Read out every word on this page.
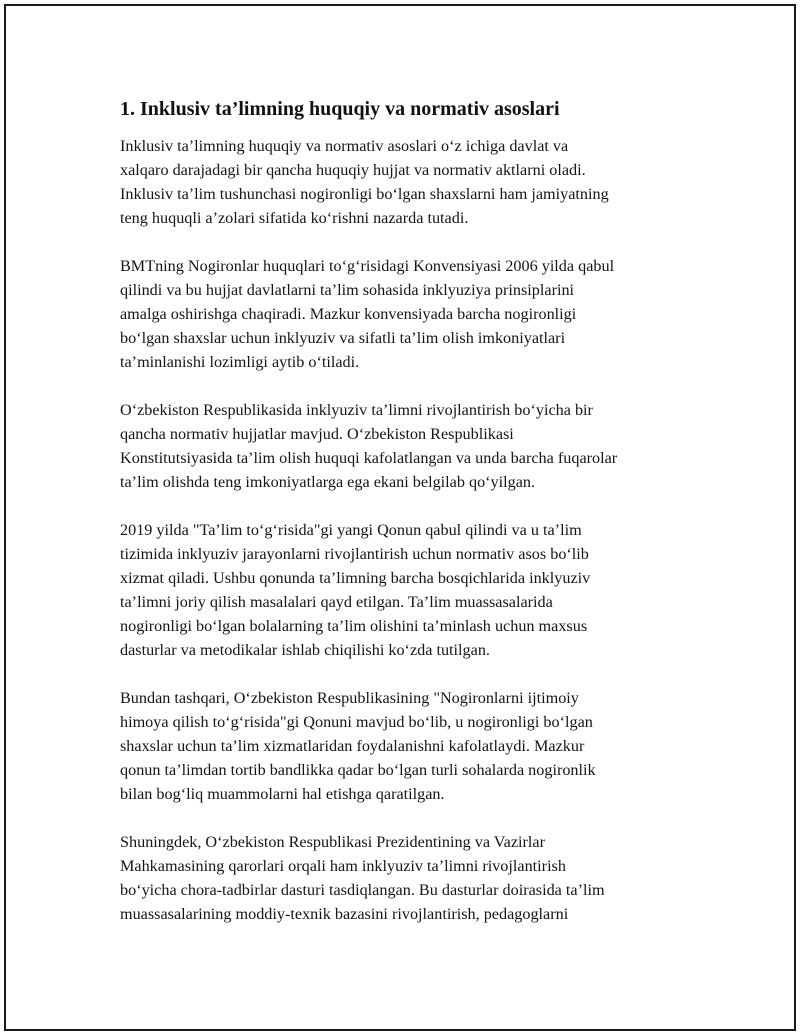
1. Inklusiv ta’limning huquqiy va normativ asoslari

Inklusiv ta’limning huquqiy va normativ asoslari o‘z ichiga davlat va
xalqaro darajadagi bir qancha huquqiy hujjat va normativ aktlarni oladi.
Inklusiv ta’lim tushunchasi nogironligi bo‘lgan shaxslarni ham jamiyatning
teng huquqli a’zolari sifatida ko‘rishni nazarda tutadi.

BMTning Nogironlar huquqlari to‘g‘risidagi Konvensiyasi 2006 yilda qabul
qilindi va bu hujjat davlatlarni ta’lim sohasida inklyuziya prinsiplarini
amalga oshirishga chaqiradi. Mazkur konvensiyada barcha nogironligi
bo‘lgan shaxslar uchun inklyuziv va sifatli ta’lim olish imkoniyatlari
ta’minlanishi lozimligi aytib o‘tiladi.

O‘zbekiston Respublikasida inklyuziv ta’limni rivojlantirish bo‘yicha bir
qancha normativ hujjatlar mavjud. O‘zbekiston Respublikasi
Konstitutsiyasida ta’lim olish huquqi kafolatlangan va unda barcha fuqarolar
ta’lim olishda teng imkoniyatlarga ega ekani belgilab qo‘yilgan.

2019 yilda "Ta’lim to‘g‘risida"gi yangi Qonun qabul qilindi va u ta’lim
tizimida inklyuziv jarayonlarni rivojlantirish uchun normativ asos bo‘lib
xizmat qiladi. Ushbu qonunda ta’limning barcha bosqichlarida inklyuziv
ta’limni joriy qilish masalalari qayd etilgan. Ta’lim muassasalarida
nogironligi bo‘lgan bolalarning ta’lim olishini ta’minlash uchun maxsus
dasturlar va metodikalar ishlab chiqilishi ko‘zda tutilgan.

Bundan tashqari, O‘zbekiston Respublikasining "Nogironlarni ijtimoiy
himoya qilish to‘g‘risida"gi Qonuni mavjud bo‘lib, u nogironligi bo‘lgan
shaxslar uchun ta’lim xizmatlaridan foydalanishni kafolatlaydi. Mazkur
qonun ta’limdan tortib bandlikka qadar bo‘lgan turli sohalarda nogironlik
bilan bog‘liq muammolarni hal etishga qaratilgan.

Shuningdek, O‘zbekiston Respublikasi Prezidentining va Vazirlar
Mahkamasining qarorlari orqali ham inklyuziv ta’limni rivojlantirish
bo‘yicha chora-tadbirlar dasturi tasdiqlangan. Bu dasturlar doirasida ta’lim
muassasalarining moddiy-texnik bazasini rivojlantirish, pedagoglarni
